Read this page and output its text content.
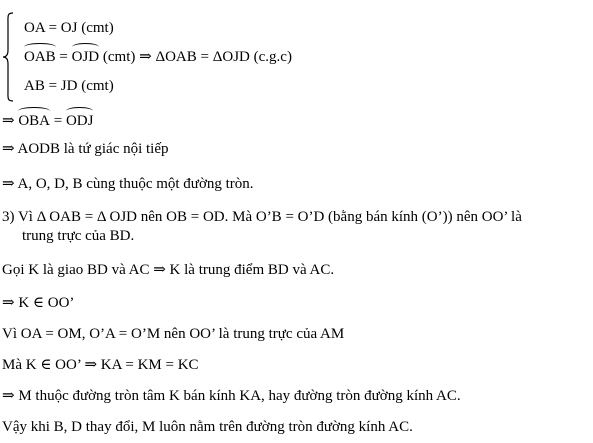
OA = OJ (cmt)
OAB = OJD (cmt) ⇒ ΔOAB = ΔOJD (c.g.c)
AB = JD (cmt)
⇒ OBA = ODJ
⇒ AODB là tứ giác nội tiếp
⇒ A, O, D, B cùng thuộc một đường tròn.
3) Vì Δ OAB = Δ OJD nên OB = OD. Mà O’B = O’D (bằng bán kính (O’)) nên OO’ là
trung trực của BD.
Gọi K là giao BD và AC ⇒ K là trung điểm BD và AC.
⇒ K ∈ OO’
Vì OA = OM, O’A = O’M nên OO’ là trung trực của AM
Mà K ∈ OO’ ⇒ KA = KM = KC
⇒ M thuộc đường tròn tâm K bán kính KA, hay đường tròn đường kính AC.
Vậy khi B, D thay đổi, M luôn nằm trên đường tròn đường kính AC.
